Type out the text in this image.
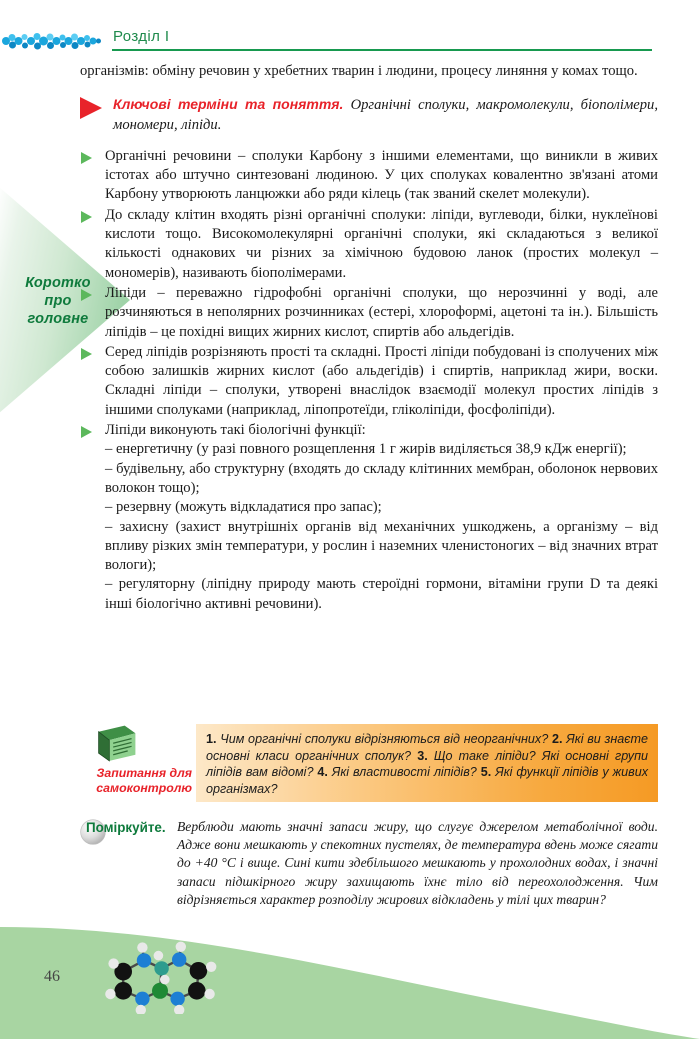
Розділ I
Коротко
про
головне

організмів: обміну речовин у хребетних тварин і людини, процесу линяння у комах тощо.

Ключові терміни та поняття. Органічні сполуки, макромолекули, біополімери, мономери, ліпіди.
Органічні речовини – сполуки Карбону з іншими елементами, що виникли в живих істотах або штучно синтезовані людиною. У цих сполуках ковалентно зв'язані атоми Карбону утворюють ланцюжки або ряди кілець (так званий скелет молекули).
До складу клітин входять різні органічні сполуки: ліпіди, вуглеводи, білки, нуклеїнові кислоти тощо. Високомолекулярні органічні сполуки, які складаються з великої кількості однакових чи різних за хімічною будовою ланок (простих молекул – мономерів), називають біополімерами.
Ліпіди – переважно гідрофобні органічні сполуки, що нерозчинні у воді, але розчиняються в неполярних розчинниках (естері, хлороформі, ацетоні та ін.). Більшість ліпідів – це похідні вищих жирних кислот, спиртів або альдегідів.
Серед ліпідів розрізняють прості та складні. Прості ліпіди побудовані із сполучених між собою залишків жирних кислот (або альдегідів) і спиртів, наприклад жири, воски. Складні ліпіди – сполуки, утворені внаслідок взаємодії молекул простих ліпідів з іншими сполуками (наприклад, ліпопротеїди, гліколіпіди, фосфоліпіди).
Ліпіди виконують такі біологічні функції:
– енергетичну (у разі повного розщеплення 1 г жирів виділяється 38,9 кДж енергії);
– будівельну, або структурну (входять до складу клітинних мембран, оболонок нервових волокон тощо);
– резервну (можуть відкладатися про запас);
– захисну (захист внутрішніх органів від механічних ушкоджень, а організму – від впливу різких змін температури, у рослин і наземних членистоногих – від значних втрат вологи);
– регуляторну (ліпідну природу мають стероїдні гормони, вітаміни групи D та деякі інші біологічно активні речовини).
Запитання для
самоконтролю
1. Чим органічні сполуки відрізняються від неорганічних? 2. Які ви знаєте основні класи органічних сполук? 3. Що таке ліпіди? Які основні групи ліпідів вам відомі? 4. Які властивості ліпідів? 5. Які функції ліпідів у живих організмах?
Поміркуйте. Верблюди мають значні запаси жиру, що слугує джерелом метаболічної води. Адже вони мешкають у спекотних пустелях, де температура вдень може сягати до +40 °С і вище. Сині кити здебільшого мешкають у прохолодних водах, і значні запаси підшкірного жиру захищають їхнє тіло від переохолодження. Чим відрізняється характер розподілу жирових відкладень у тілі цих тварин?

46
